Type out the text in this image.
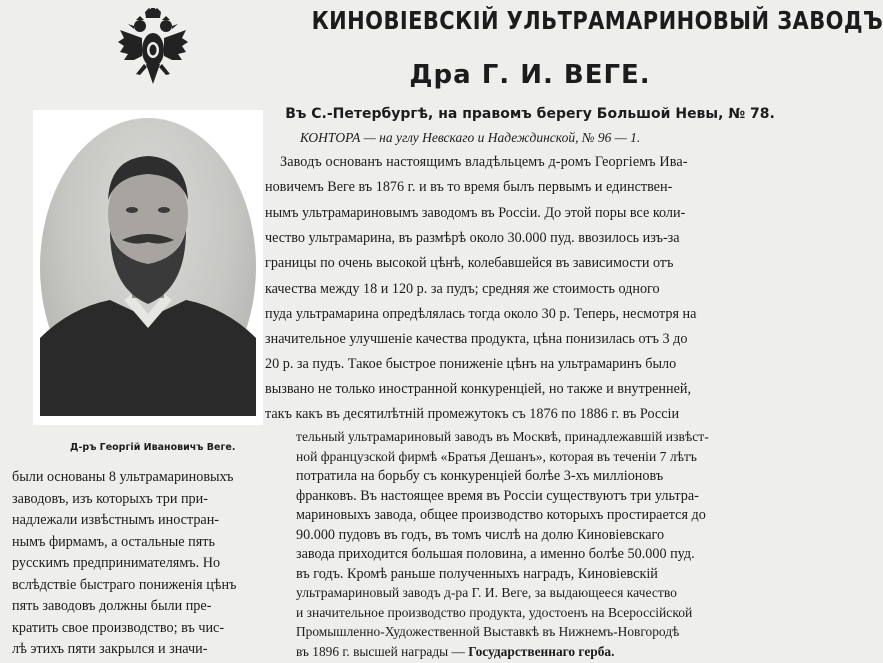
КИНОВІЕВСКІЙ УЛЬТРАМАРИНОВЫЙ ЗАВОДЪ
Дра Г. И. ВЕГЕ.
Въ С.-Петербургѣ, на правомъ берегу Большой Невы, № 78.
КОНТОРА — на углу Невскаго и Надеждинской, № 96 — 1.
Д-ръ Георгій Ивановичъ Веге.
Заводъ основанъ настоящимъ владѣльцемъ д-ромъ Георгіемъ Ива-
новичемъ Веге въ 1876 г. и въ то время былъ первымъ и единствен-
нымъ ультрамариновымъ заводомъ въ Россіи. До этой поры все коли-
чество ультрамарина, въ размѣрѣ около 30.000 пуд. ввозилось изъ-за
границы по очень высокой цѣнѣ, колебавшейся въ зависимости отъ
качества между 18 и 120 р. за пудъ; средняя же стоимость одного
пуда ультрамарина опредѣлялась тогда около 30 р. Теперь, несмотря на
значительное улучшеніе качества продукта, цѣна понизилась отъ 3 до
20 р. за пудъ. Такое быстрое пониженіе цѣнъ на ультрамаринъ было
вызвано не только иностранной конкуренціей, но также и внутренней,
такъ какъ въ десятилѣтній промежутокъ съ 1876 по 1886 г. въ Россіи
были основаны 8 ультрамариновыхъ
заводовъ, изъ которыхъ три при-
надлежали извѣстнымъ иностран-
нымъ фирмамъ, а остальные пять
русскимъ предпринимателямъ. Но
вслѣдствіе быстраго пониженія цѣнъ
пять заводовъ должны были пре-
кратить свое производство; въ чис-
лѣ этихъ пяти закрылся и значи-
тельный ультрамариновый заводъ въ Москвѣ, принадлежавшій извѣст-
ной французской фирмѣ «Братья Дешанъ», которая въ теченіи 7 лѣтъ
потратила на борьбу съ конкуренціей болѣе 3-хъ милліоновъ
франковъ. Въ настоящее время въ Россіи существуютъ три ультра-
мариновыхъ завода, общее производство которыхъ простирается до
90.000 пудовъ въ годъ, въ томъ числѣ на долю Киновіевскаго
завода приходится большая половина, а именно болѣе 50.000 пуд.
въ годъ. Кромѣ раньше полученныхъ наградъ, Киновіевскій
ультрамариновый заводъ д-ра Г. И. Веге, за выдающееся качество
и значительное производство продукта, удостоенъ на Всероссійской
Промышленно-Художественной Выставкѣ въ Нижнемъ-Новгородѣ
въ 1896 г. высшей награды — Государственнаго герба.
